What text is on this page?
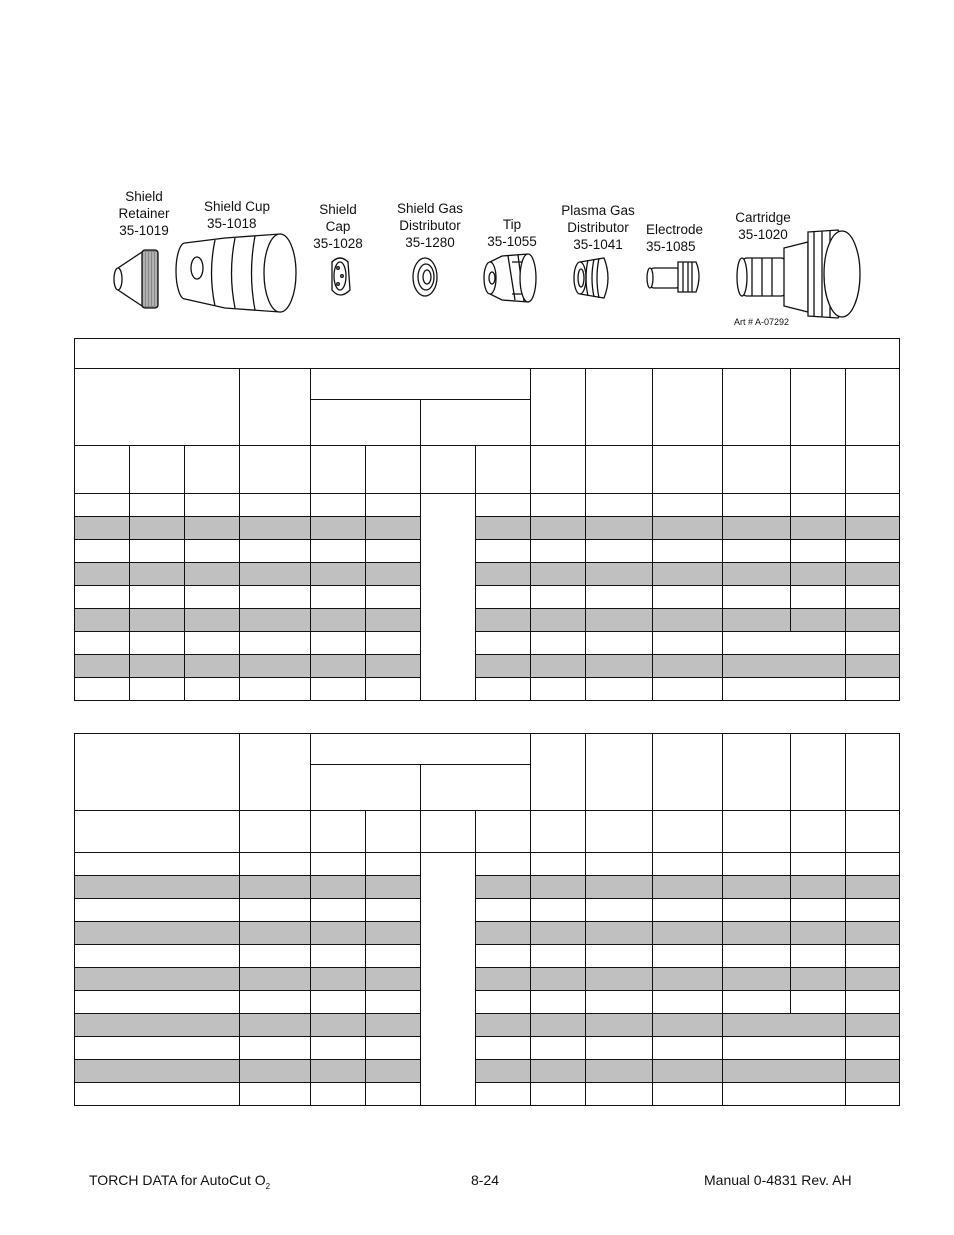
Shield
Retainer
35-1019
Shield Cup
35-1018
Shield
Cap
35-1028
Shield Gas
Distributor
35-1280
Tip
35-1055
Plasma Gas
Distributor
35-1041
Electrode
35-1085
Cartridge
35-1020
Art # A-07292

TORCH DATA for AutoCut $O_2$	8-24	Manual 0-4831 Rev. AH
